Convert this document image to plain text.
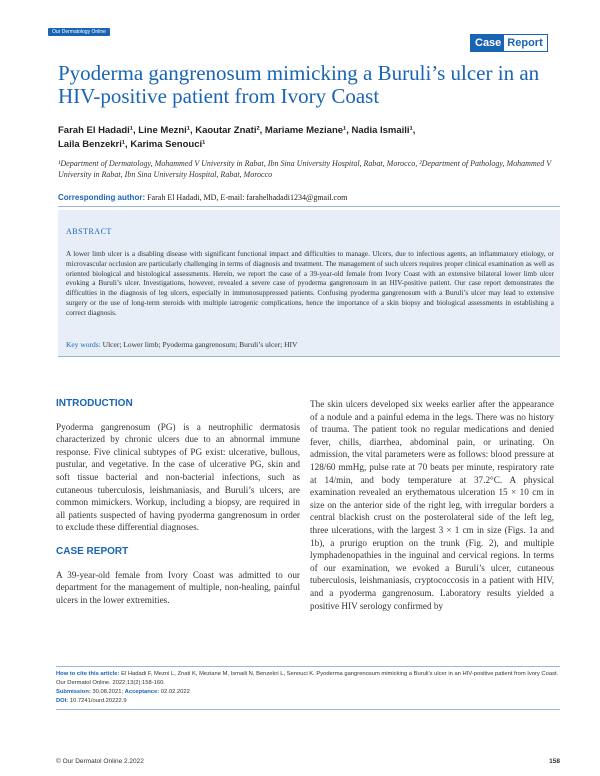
Our Dermatology Online
Case Report
Pyoderma gangrenosum mimicking a Buruli’s ulcer in an HIV-positive patient from Ivory Coast
Farah El Hadadi¹, Line Mezni¹, Kaoutar Znati², Mariame Meziane¹, Nadia Ismaili¹,
Laila Benzekri¹, Karima Senouci¹
¹Department of Dermatology, Mohammed V University in Rabat, Ibn Sina University Hospital, Rabat, Morocco, ²Department of Pathology, Mohammed V University in Rabat, Ibn Sina University Hospital, Rabat, Morocco
Corresponding author: Farah El Hadadi, MD, E-mail: farahelhadadi1234@gmail.com
ABSTRACT
A lower limb ulcer is a disabling disease with significant functional impact and difficulties to manage. Ulcers, due to infectious agents, an inflammatory etiology, or microvascular occlusion are particularly challenging in terms of diagnosis and treatment. The management of such ulcers requires proper clinical examination as well as oriented biological and histological assessments. Herein, we report the case of a 39-year-old female from Ivory Coast with an extensive bilateral lower limb ulcer evoking a Buruli’s ulcer. Investigations, however, revealed a severe case of pyoderma gangrenosum in an HIV-positive patient. Our case report demonstrates the difficulties in the diagnosis of leg ulcers, especially in immunosuppressed patients. Confusing pyoderma gangrenosum with a Buruli’s ulcer may lead to extensive surgery or the use of long-term steroids with multiple iatrogenic complications, hence the importance of a skin biopsy and biological assessments in establishing a correct diagnosis.
Key words: Ulcer; Lower limb; Pyoderma gangrenosum; Buruli’s ulcer; HIV
INTRODUCTION

Pyoderma gangrenosum (PG) is a neutrophilic dermatosis characterized by chronic ulcers due to an abnormal immune response. Five clinical subtypes of PG exist: ulcerative, bullous, pustular, and vegetative. In the case of ulcerative PG, skin and soft tissue bacterial and non-bacterial infections, such as cutaneous tuberculosis, leishmaniasis, and Buruli’s ulcers, are common mimickers. Workup, including a biopsy, are required in all patients suspected of having pyoderma gangrenosum in order to exclude these differential diagnoses.

CASE REPORT

A 39-year-old female from Ivory Coast was admitted to our department for the management of multiple, non-healing, painful ulcers in the lower extremities.

The skin ulcers developed six weeks earlier after the appearance of a nodule and a painful edema in the legs. There was no history of trauma. The patient took no regular medications and denied fever, chills, diarrhea, abdominal pain, or urinating. On admission, the vital parameters were as follows: blood pressure at 128/60 mmHg, pulse rate at 70 beats per minute, respiratory rate at 14/min, and body temperature at 37.2°C. A physical examination revealed an erythematous ulceration 15 × 10 cm in size on the anterior side of the right leg, with irregular borders a central blackish crust on the posterolateral side of the left leg, three ulcerations, with the largest 3 × 1 cm in size (Figs. 1a and 1b), a prurigo eruption on the trunk (Fig. 2), and multiple lymphadenopathies in the inguinal and cervical regions. In terms of our examination, we evoked a Buruli’s ulcer, cutaneous tuberculosis, leishmaniasis, cryptococcosis in a patient with HIV, and a pyoderma gangrenosum. Laboratory results yielded a positive HIV serology confirmed by

How to cite this article: El Hadadi F, Mezni L, Znati K, Meziane M, Ismaili N, Benzekri L, Senouci K. Pyoderma gangrenosum mimicking a Buruli’s ulcer in an HIV-positive patient from Ivory Coast. Our Dermatol Online. 2022;13(2):158-160.
Submission: 30.08.2021; Acceptance: 02.02.2022
DOI: 10.7241/ourd.20222.9
© Our Dermatol Online 2.2022	158
